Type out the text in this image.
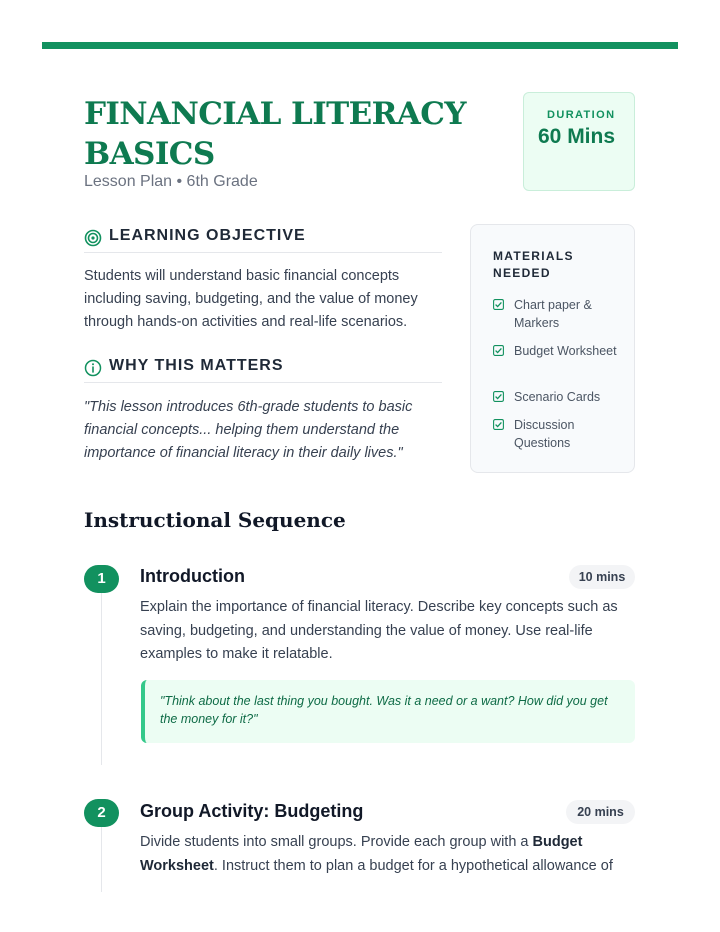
FINANCIAL LITERACY BASICS
Lesson Plan • 6th Grade
DURATION
60 Mins
LEARNING OBJECTIVE

Students will understand basic financial concepts including saving, budgeting, and the value of money through hands-on activities and real-life scenarios.

WHY THIS MATTERS

"This lesson introduces 6th-grade students to basic financial concepts... helping them understand the importance of financial literacy in their daily lives."

MATERIALS NEEDED
Chart paper & Markers
Budget Worksheet
Scenario Cards
Discussion Questions
Instructional Sequence
1	Introduction	10 mins

Explain the importance of financial literacy. Describe key concepts such as saving, budgeting, and understanding the value of money. Use real-life examples to make it relatable.

"Think about the last thing you bought. Was it a need or a want? How did you get the money for it?"

2	Group Activity: Budgeting	20 mins

Divide students into small groups. Provide each group with a Budget Worksheet. Instruct them to plan a budget for a hypothetical allowance of
